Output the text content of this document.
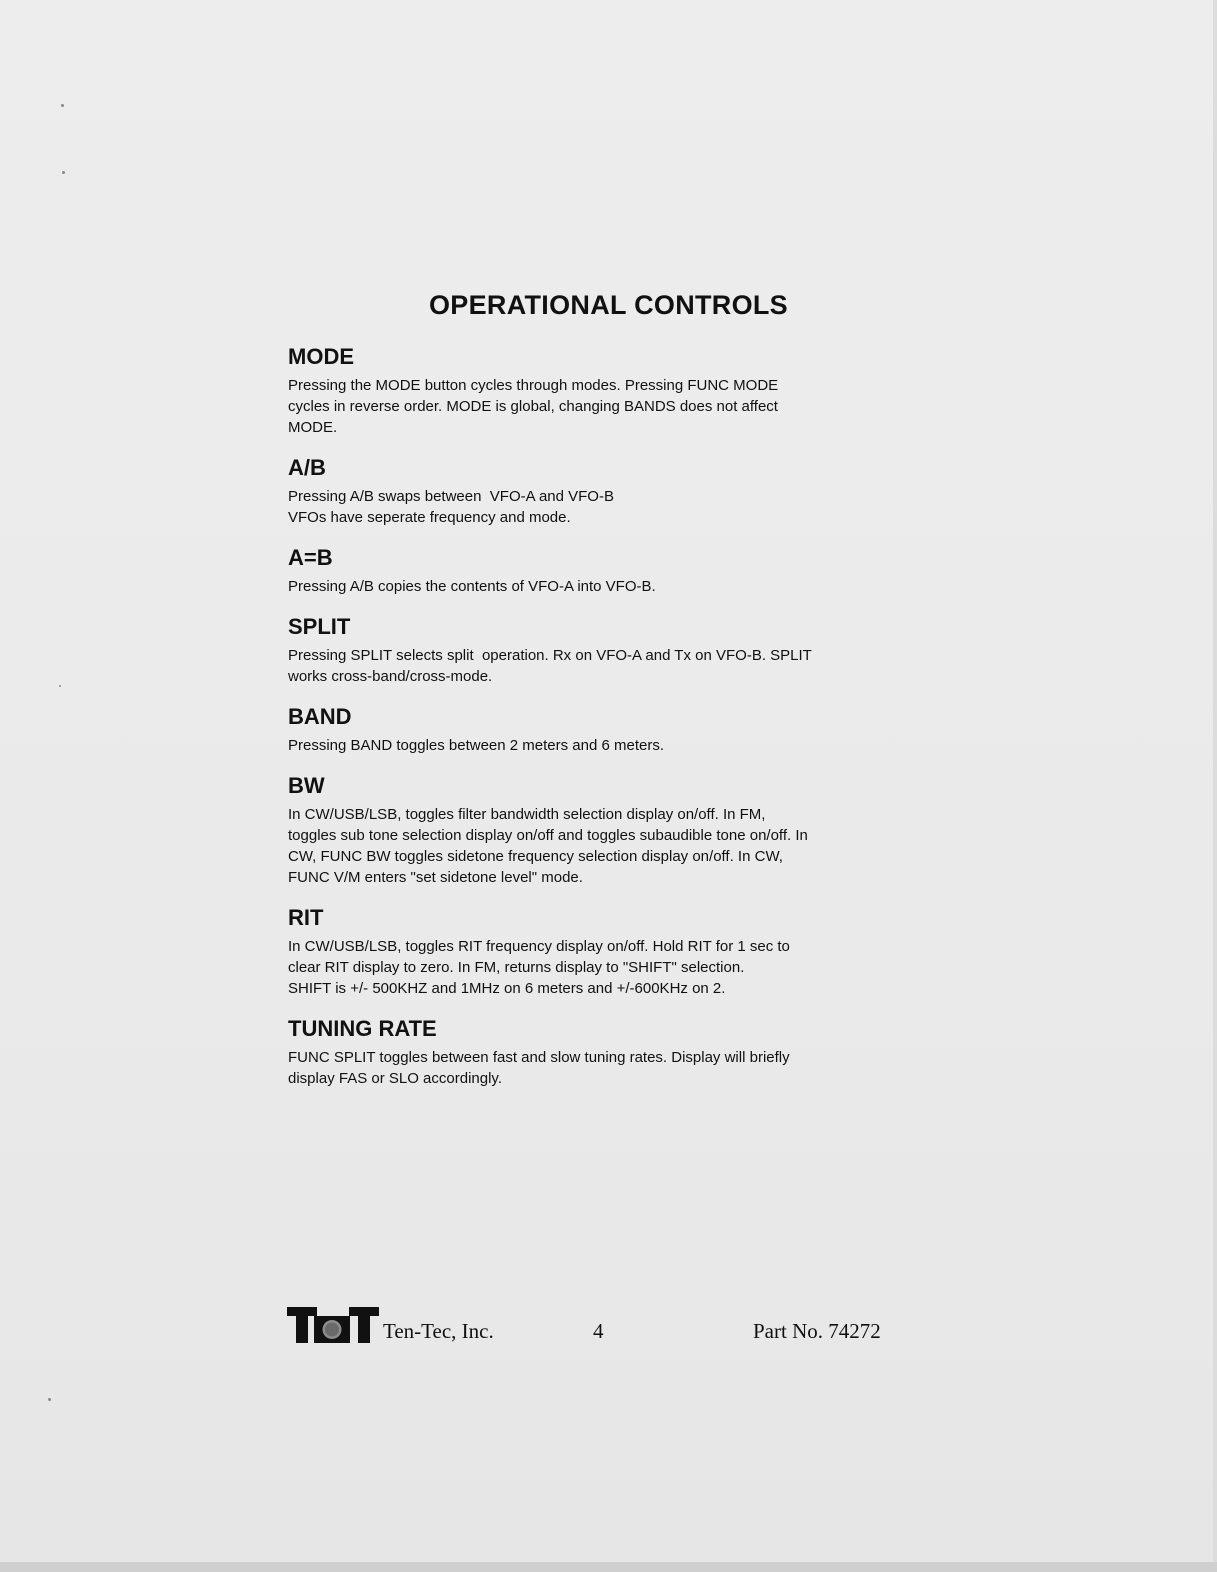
OPERATIONAL CONTROLS
MODE

Pressing the MODE button cycles through modes. Pressing FUNC MODE

cycles in reverse order. MODE is global, changing BANDS does not affect

MODE.

A/B

Pressing A/B swaps between  VFO-A and VFO-B

VFOs have seperate frequency and mode.

A=B

Pressing A/B copies the contents of VFO-A into VFO-B.

SPLIT

Pressing SPLIT selects split  operation. Rx on VFO-A and Tx on VFO-B. SPLIT

works cross-band/cross-mode.

BAND

Pressing BAND toggles between 2 meters and 6 meters.

BW

In CW/USB/LSB, toggles filter bandwidth selection display on/off. In FM,

toggles sub tone selection display on/off and toggles subaudible tone on/off. In

CW, FUNC BW toggles sidetone frequency selection display on/off. In CW,

FUNC V/M enters "set sidetone level" mode.

RIT

In CW/USB/LSB, toggles RIT frequency display on/off. Hold RIT for 1 sec to

clear RIT display to zero. In FM, returns display to "SHIFT" selection.

SHIFT is +/- 500KHZ and 1MHz on 6 meters and +/-600KHz on 2.

TUNING RATE

FUNC SPLIT toggles between fast and slow tuning rates. Display will briefly

display FAS or SLO accordingly.

Ten-Tec, Inc.	4	Part No. 74272
